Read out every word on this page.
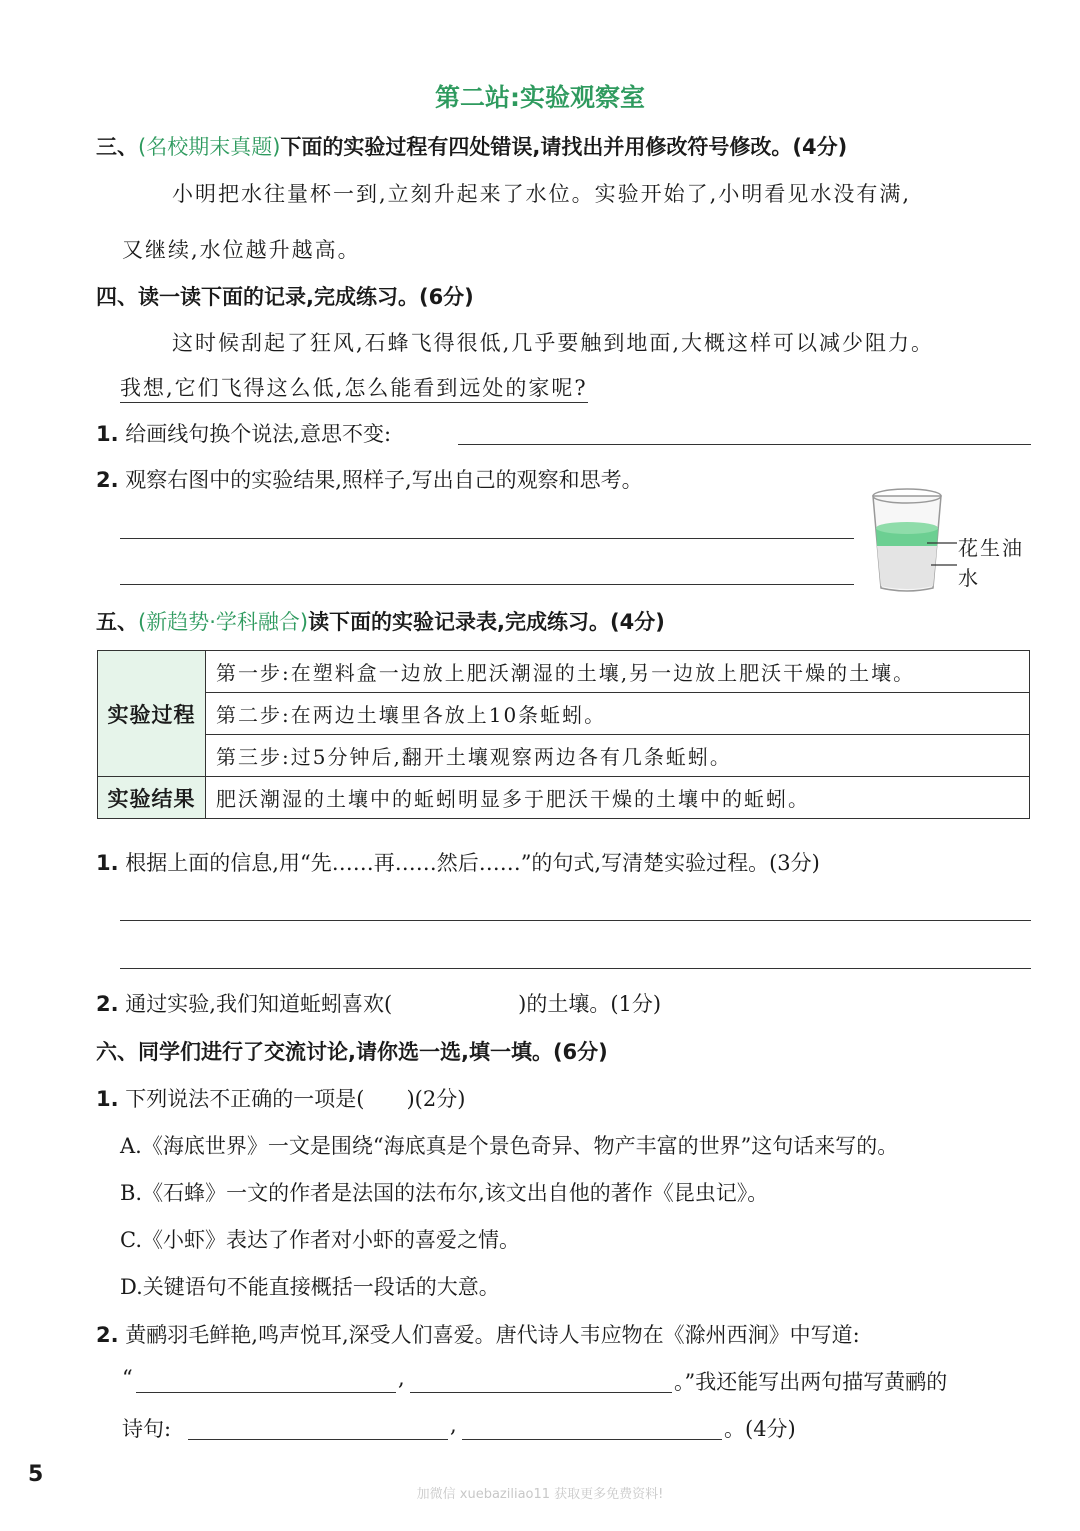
第二站:实验观察室
三、(名校期末真题)下面的实验过程有四处错误,请找出并用修改符号修改。(4分)
小明把水往量杯一到,立刻升起来了水位。实验开始了,小明看见水没有满,
又继续,水位越升越高。
四、读一读下面的记录,完成练习。(6分)
这时候刮起了狂风,石蜂飞得很低,几乎要触到地面,大概这样可以减少阻力。
我想,它们飞得这么低,怎么能看到远处的家呢?
1. 给画线句换个说法,意思不变:
2. 观察右图中的实验结果,照样子,写出自己的观察和思考。
花生油
水
五、(新趋势·学科融合)读下面的实验记录表,完成练习。(4分)
实验过程	第一步:在塑料盒一边放上肥沃潮湿的土壤,另一边放上肥沃干燥的土壤。
	第二步:在两边土壤里各放上10条蚯蚓。
	第三步:过5分钟后,翻开土壤观察两边各有几条蚯蚓。
实验结果	肥沃潮湿的土壤中的蚯蚓明显多于肥沃干燥的土壤中的蚯蚓。
1. 根据上面的信息,用“先……再……然后……”的句式,写清楚实验过程。(3分)
2. 通过实验,我们知道蚯蚓喜欢(　　　　　　)的土壤。(1分)
六、同学们进行了交流讨论,请你选一选,填一填。(6分)
1. 下列说法不正确的一项是(　　)(2分)
A.《海底世界》一文是围绕“海底真是个景色奇异、物产丰富的世界”这句话来写的。
B.《石蜂》一文的作者是法国的法布尔,该文出自他的著作《昆虫记》。
C.《小虾》表达了作者对小虾的喜爱之情。
D.关键语句不能直接概括一段话的大意。
2. 黄鹂羽毛鲜艳,鸣声悦耳,深受人们喜爱。唐代诗人韦应物在《滁州西涧》中写道:
“	,	。”我还能写出两句描写黄鹂的
诗句:	,	。(4分)
5
加微信 xuebaziliao11 获取更多免费资料!
